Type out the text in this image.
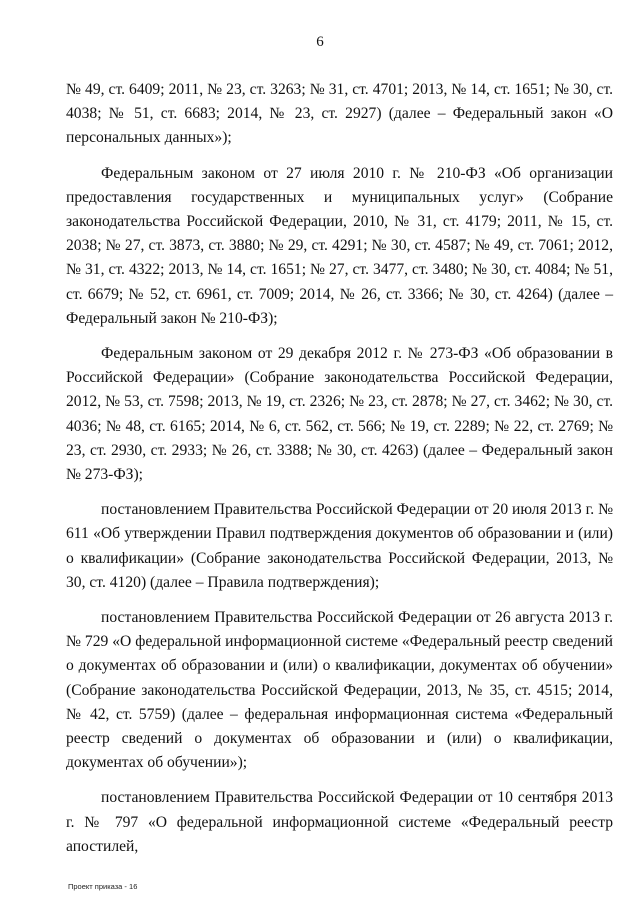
6

№ 49, ст. 6409; 2011, № 23, ст. 3263; № 31, ст. 4701; 2013, № 14, ст. 1651; № 30, ст. 4038; № 51, ст. 6683; 2014, № 23, ст. 2927) (далее – Федеральный закон «О персональных данных»);

Федеральным законом от 27 июля 2010 г. № 210-ФЗ «Об организации предоставления государственных и муниципальных услуг» (Собрание законодательства Российской Федерации, 2010, № 31, ст. 4179; 2011, № 15, ст. 2038; № 27, ст. 3873, ст. 3880; № 29, ст. 4291; № 30, ст. 4587; № 49, ст. 7061; 2012, № 31, ст. 4322; 2013, № 14, ст. 1651; № 27, ст. 3477, ст. 3480; № 30, ст. 4084; № 51, ст. 6679; № 52, ст. 6961, ст. 7009; 2014, № 26, ст. 3366; № 30, ст. 4264) (далее – Федеральный закон № 210-ФЗ);

Федеральным законом от 29 декабря 2012 г. № 273-ФЗ «Об образовании в Российской Федерации» (Собрание законодательства Российской Федерации, 2012, № 53, ст. 7598; 2013, № 19, ст. 2326; № 23, ст. 2878; № 27, ст. 3462; № 30, ст. 4036; № 48, ст. 6165; 2014, № 6, ст. 562, ст. 566; № 19, ст. 2289; № 22, ст. 2769; № 23, ст. 2930, ст. 2933; № 26, ст. 3388; № 30, ст. 4263) (далее – Федеральный закон № 273-ФЗ);

постановлением Правительства Российской Федерации от 20 июля 2013 г. № 611 «Об утверждении Правил подтверждения документов об образовании и (или) о квалификации» (Собрание законодательства Российской Федерации, 2013, № 30, ст. 4120) (далее – Правила подтверждения);

постановлением Правительства Российской Федерации от 26 августа 2013 г. № 729 «О федеральной информационной системе «Федеральный реестр сведений о документах об образовании и (или) о квалификации, документах об обучении» (Собрание законодательства Российской Федерации, 2013, № 35, ст. 4515; 2014, № 42, ст. 5759) (далее – федеральная информационная система «Федеральный реестр сведений о документах об образовании и (или) о квалификации, документах об обучении»);

постановлением Правительства Российской Федерации от 10 сентября 2013 г. № 797 «О федеральной информационной системе «Федеральный реестр апостилей,

Проект приказа - 16
